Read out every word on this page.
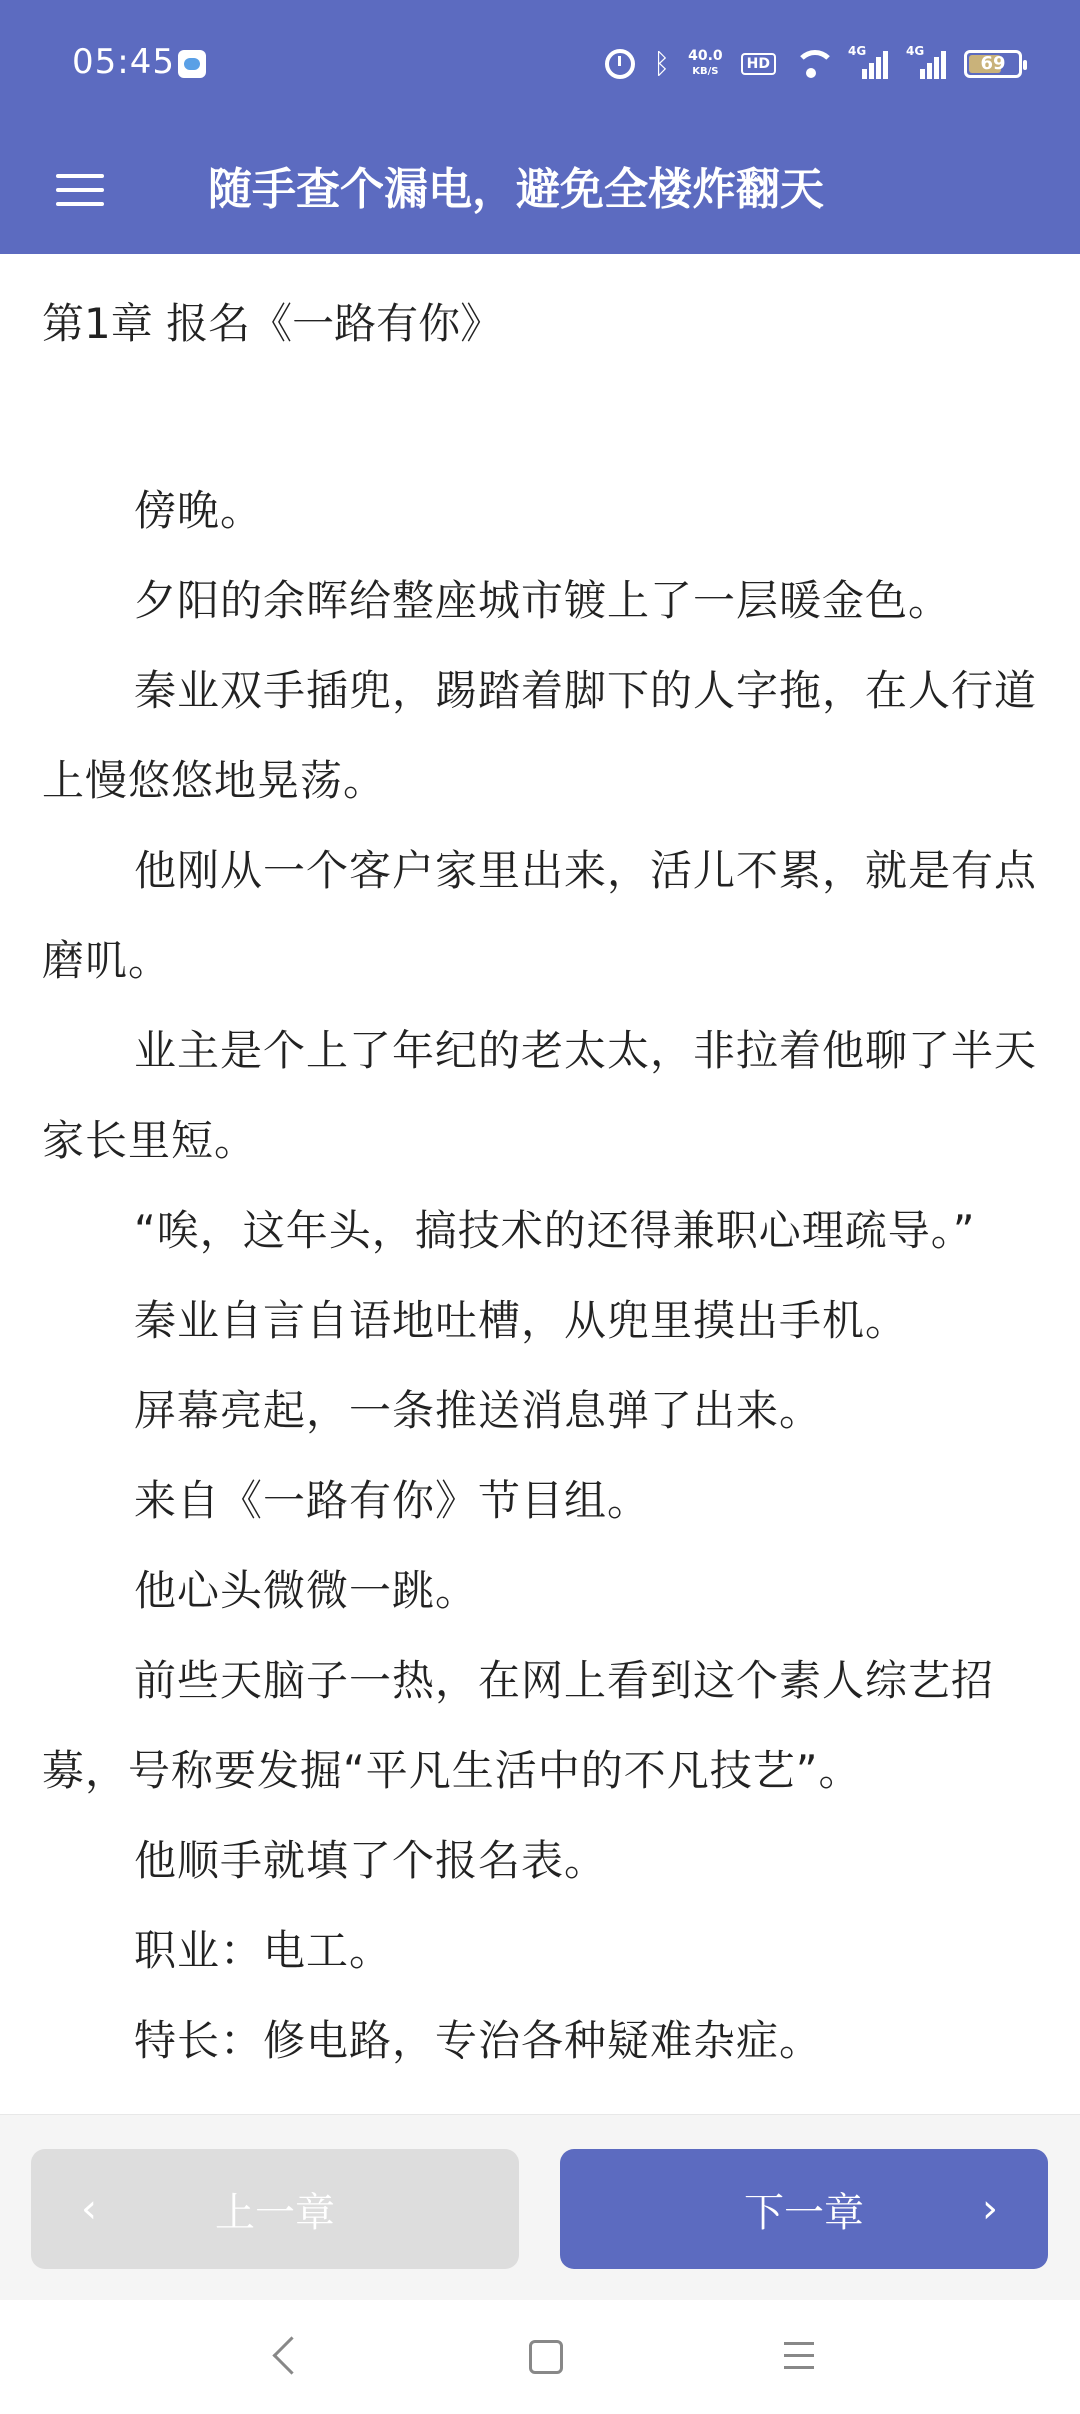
05:45	ᛒ 40.0
KB/S	HD
4G	4G
69
随手查个漏电，避免全楼炸翻天
第1章 报名《一路有你》

傍晚。

夕阳的余晖给整座城市镀上了一层暖金色。

秦业双手插兜，踢踏着脚下的人字拖，在人行道上慢悠悠地晃荡。

他刚从一个客户家里出来，活儿不累，就是有点磨叽。

业主是个上了年纪的老太太，非拉着他聊了半天家长里短。

“唉，这年头，搞技术的还得兼职心理疏导。”

秦业自言自语地吐槽，从兜里摸出手机。

屏幕亮起，一条推送消息弹了出来。

来自《一路有你》节目组。

他心头微微一跳。

前些天脑子一热，在网上看到这个素人综艺招募，号称要发掘“平凡生活中的不凡技艺”。

他顺手就填了个报名表。

职业：电工。

特长：修电路，专治各种疑难杂症。

‹	上一章	下一章	›
